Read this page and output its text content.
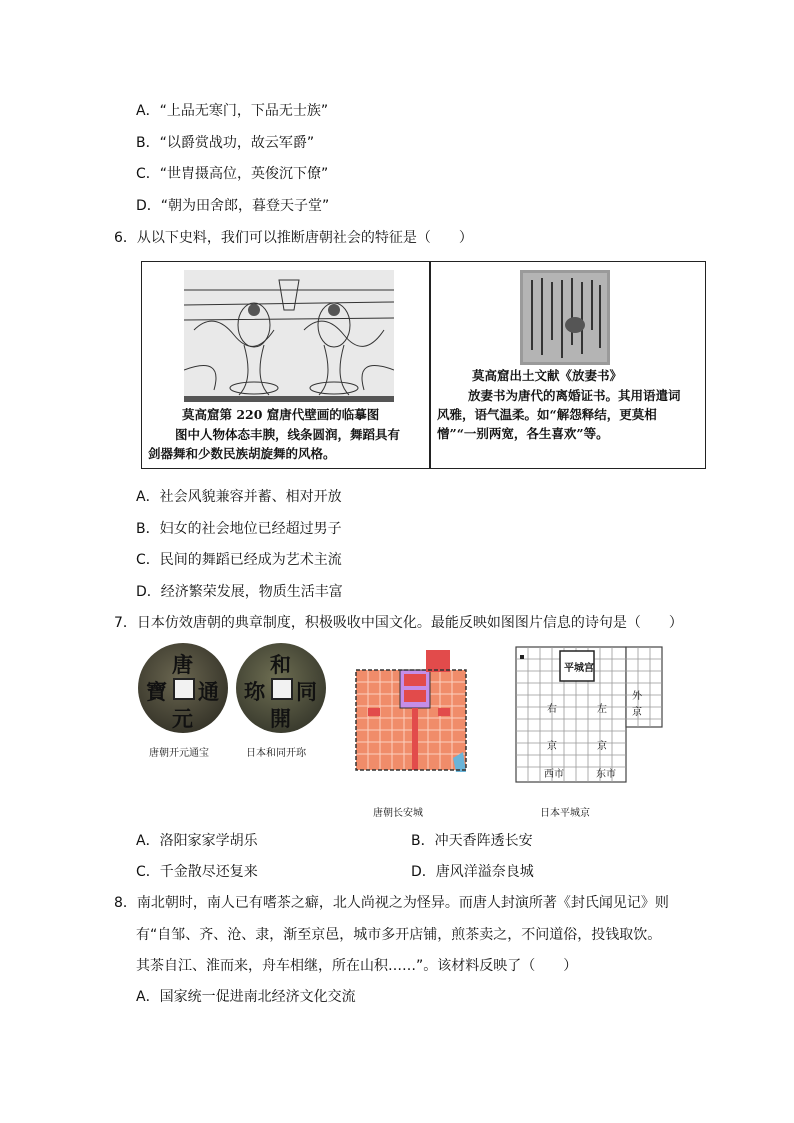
A．“上品无寒门，下品无士族”
B．“以爵赏战功，故云军爵”
C．“世胄摄高位，英俊沉下僚”
D．“朝为田舍郎，暮登天子堂”
6．从以下史料，我们可以推断唐朝社会的特征是（　　）
莫高窟第 220 窟唐代壁画的临摹图
图中人物体态丰腴，线条圆润，舞蹈具有
剑器舞和少数民族胡旋舞的风格。
莫高窟出土文献《放妻书》
放妻书为唐代的离婚证书。其用语遣词
风雅，语气温柔。如“解怨释结，更莫相
憎”“一别两宽，各生喜欢”等。
A．社会风貌兼容并蓄、相对开放
B．妇女的社会地位已经超过男子
C．民间的舞蹈已经成为艺术主流
D．经济繁荣发展，物质生活丰富
7．日本仿效唐朝的典章制度，积极吸收中国文化。最能反映如图图片信息的诗句是（　　）
唐
通
元
寶
唐朝开元通宝
和
同
開
珎
日本和同开珎
唐朝长安城
平城宫
右	左
外
京
京	京
西市	东市
日本平城京
A．洛阳家家学胡乐	B．冲天香阵透长安
C．千金散尽还复来	D．唐风洋溢奈良城
8．南北朝时，南人已有嗜茶之癖，北人尚视之为怪异。而唐人封演所著《封氏闻见记》则
有“自邹、齐、沧、隶，渐至京邑，城市多开店铺，煎茶卖之，不问道俗，投钱取饮。
其茶自江、淮而来，舟车相继，所在山积……”。该材料反映了（　　）
A．国家统一促进南北经济文化交流
